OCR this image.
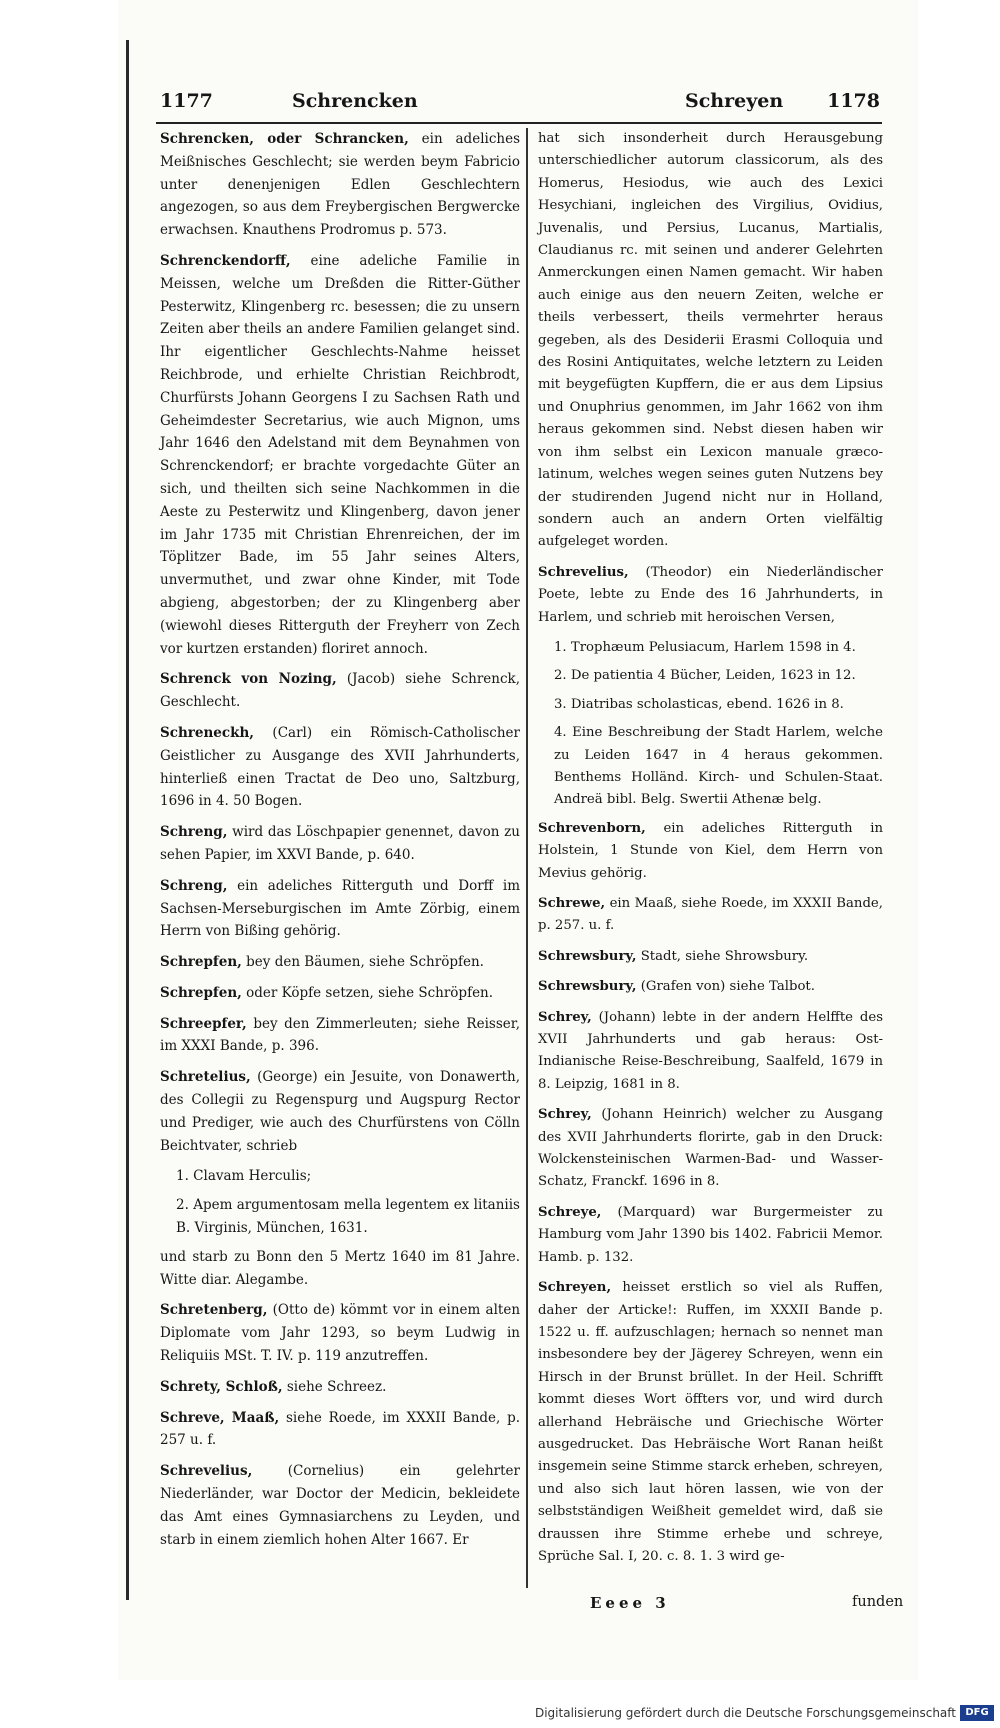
1177	Schrencken	Schreyen 1178
Schrencken, oder Schrancken, ein adeliches Meißnisches Geschlecht; sie werden beym Fabricio unter denenjenigen Edlen Geschlechtern angezogen, so aus dem Freybergischen Bergwercke erwachsen. Knauthens Prodromus p. 573.
Schrenckendorff, eine adeliche Familie in Meissen, welche um Dreßden die Ritter-Güther Pesterwitz, Klingenberg rc. besessen; die zu unsern Zeiten aber theils an andere Familien gelanget sind. Ihr eigentlicher Geschlechts-Nahme heisset Reichbrode, und erhielte Christian Reichbrodt, Churfürsts Johann Georgens I zu Sachsen Rath und Geheimdester Secretarius, wie auch Mignon, ums Jahr 1646 den Adelstand mit dem Beynahmen von Schrenckendorf; er brachte vorgedachte Güter an sich, und theilten sich seine Nachkommen in die Aeste zu Pesterwitz und Klingenberg, davon jener im Jahr 1735 mit Christian Ehrenreichen, der im Töplitzer Bade, im 55 Jahr seines Alters, unvermuthet, und zwar ohne Kinder, mit Tode abgieng, abgestorben; der zu Klingenberg aber (wiewohl dieses Ritterguth der Freyherr von Zech vor kurtzen erstanden) floriret annoch.
Schrenck von Nozing, (Jacob) siehe Schrenck, Geschlecht.
Schreneckh, (Carl) ein Römisch-Catholischer Geistlicher zu Ausgange des XVII Jahrhunderts, hinterließ einen Tractat de Deo uno, Saltzburg, 1696 in 4. 50 Bogen.
Schreng, wird das Löschpapier genennet, davon zu sehen Papier, im XXVI Bande, p. 640.
Schreng, ein adeliches Ritterguth und Dorff im Sachsen-Merseburgischen im Amte Zörbig, einem Herrn von Bißing gehörig.
Schrepfen, bey den Bäumen, siehe Schröpfen.
Schrepfen, oder Köpfe setzen, siehe Schröpfen.
Schreepfer, bey den Zimmerleuten; siehe Reisser, im XXXI Bande, p. 396.
Schretelius, (George) ein Jesuite, von Donawerth, des Collegii zu Regenspurg und Augspurg Rector und Prediger, wie auch des Churfürstens von Cölln Beichtvater, schrieb
1. Clavam Herculis;
2. Apem argumentosam mella legentem ex litaniis B. Virginis, München, 1631.
und starb zu Bonn den 5 Mertz 1640 im 81 Jahre. Witte diar. Alegambe.
Schretenberg, (Otto de) kömmt vor in einem alten Diplomate vom Jahr 1293, so beym Ludwig in Reliquiis MSt. T. IV. p. 119 anzutreffen.
Schrety, Schloß, siehe Schreez.
Schreve, Maaß, siehe Roede, im XXXII Bande, p. 257 u. f.
Schrevelius,	(Cornelius) ein gelehrter Niederländer, war Doctor der Medicin, bekleidete das Amt eines Gymnasiarchens zu Leyden, und starb in einem ziemlich hohen Alter 1667. Er
hat sich insonderheit durch Herausgebung unterschiedlicher autorum classicorum, als des Homerus, Hesiodus, wie auch des Lexici Hesychiani, ingleichen des Virgilius, Ovidius, Juvenalis, und Persius, Lucanus, Martialis, Claudianus rc. mit seinen und anderer Gelehrten Anmerckungen einen Namen gemacht. Wir haben auch einige aus den neuern Zeiten, welche er theils verbessert, theils vermehrter heraus gegeben, als des Desiderii Erasmi Colloquia und des Rosini Antiquitates, welche letztern zu Leiden mit beygefügten Kupffern, die er aus dem Lipsius und Onuphrius genommen, im Jahr 1662 von ihm heraus gekommen sind. Nebst diesen haben wir von ihm selbst ein Lexicon manuale græco-latinum, welches wegen seines guten Nutzens bey der studirenden Jugend nicht nur in Holland, sondern auch an andern Orten vielfältig aufgeleget worden.
Schrevelius, (Theodor) ein Niederländischer Poete, lebte zu Ende des 16 Jahrhunderts, in Harlem, und schrieb mit heroischen Versen,
1. Trophæum Pelusiacum, Harlem 1598 in 4.
2. De patientia 4 Bücher, Leiden, 1623 in 12.
3. Diatribas scholasticas, ebend. 1626 in 8.
4. Eine Beschreibung der Stadt Harlem, welche zu Leiden 1647 in 4 heraus gekommen. Benthems Holländ. Kirch- und Schulen-Staat. Andreä bibl. Belg. Swertii Athenæ belg.
Schrevenborn, ein adeliches Ritterguth in Holstein, 1 Stunde von Kiel, dem Herrn von Mevius gehörig.
Schrewe, ein Maaß, siehe Roede, im XXXII Bande, p. 257. u. f.
Schrewsbury, Stadt, siehe Shrowsbury.
Schrewsbury, (Grafen von) siehe Talbot.
Schrey, (Johann) lebte in der andern Helffte des XVII Jahrhunderts und gab heraus: Ost-Indianische Reise-Beschreibung, Saalfeld, 1679 in 8. Leipzig, 1681 in 8.
Schrey, (Johann Heinrich) welcher zu Ausgang des XVII Jahrhunderts florirte, gab in den Druck: Wolckensteinischen Warmen-Bad- und Wasser-Schatz, Franckf. 1696 in 8.
Schreye, (Marquard) war Burgermeister zu Hamburg vom Jahr 1390 bis 1402. Fabricii Memor. Hamb. p. 132.
Schreyen, heisset erstlich so viel als Ruffen, daher der Articke!: Ruffen, im XXXII Bande p. 1522 u. ff. aufzuschlagen; hernach so nennet man insbesondere bey der Jägerey Schreyen, wenn ein Hirsch in der Brunst brüllet. In der Heil. Schrifft kommt dieses Wort öffters vor, und wird durch allerhand Hebräische und Griechische Wörter ausgedrucket. Das Hebräische Wort Ranan heißt insgemein seine Stimme starck erheben, schreyen, und also sich laut hören lassen, wie von der selbstständigen Weißheit gemeldet wird, daß sie draussen ihre Stimme erhebe und schreye, Sprüche Sal. I, 20. c. 8. 1. 3 wird ge-
Eeee 3	funden
Digitalisierung gefördert durch die Deutsche Forschungsgemeinschaft DFG
